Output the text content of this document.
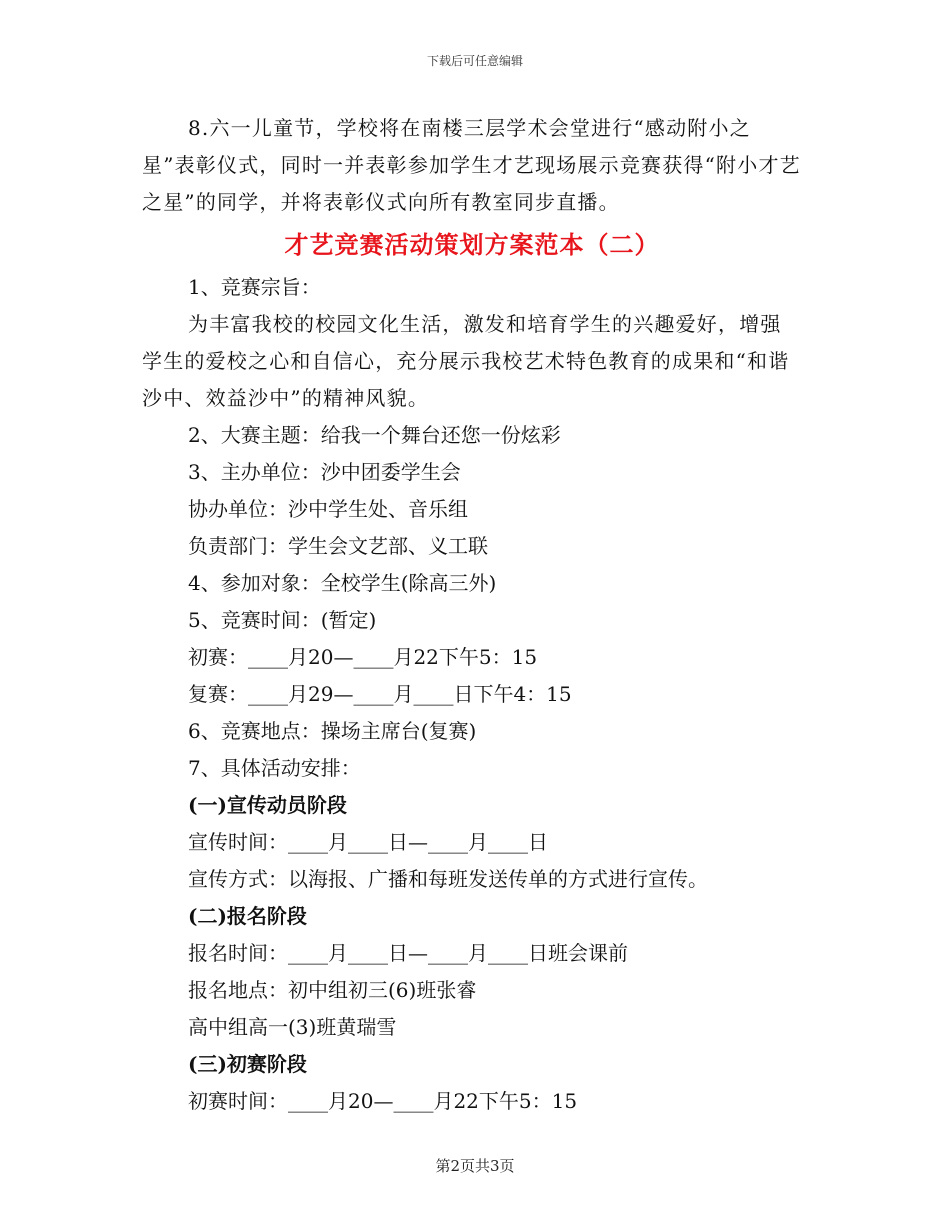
下载后可任意编辑

8.六一儿童节，学校将在南楼三层学术会堂进行“感动附小之星”表彰仪式，同时一并表彰参加学生才艺现场展示竞赛获得“附小才艺之星”的同学，并将表彰仪式向所有教室同步直播。

才艺竞赛活动策划方案范本（二）

1、竞赛宗旨：

为丰富我校的校园文化生活，激发和培育学生的兴趣爱好，增强学生的爱校之心和自信心，充分展示我校艺术特色教育的成果和“和谐沙中、效益沙中”的精神风貌。

2、大赛主题：给我一个舞台还您一份炫彩

3、主办单位：沙中团委学生会

协办单位：沙中学生处、音乐组

负责部门：学生会文艺部、义工联

4、参加对象：全校学生(除高三外)

5、竞赛时间：(暂定)

初赛：____月20—____月22下午5：15

复赛：____月29—____月____日下午4：15

6、竞赛地点：操场主席台(复赛)

7、具体活动安排：

(一)宣传动员阶段

宣传时间：____月____日—____月____日

宣传方式：以海报、广播和每班发送传单的方式进行宣传。

(二)报名阶段

报名时间：____月____日—____月____日班会课前

报名地点：初中组初三(6)班张睿

高中组高一(3)班黄瑞雪

(三)初赛阶段

初赛时间：____月20—____月22下午5：15

第2页共3页
